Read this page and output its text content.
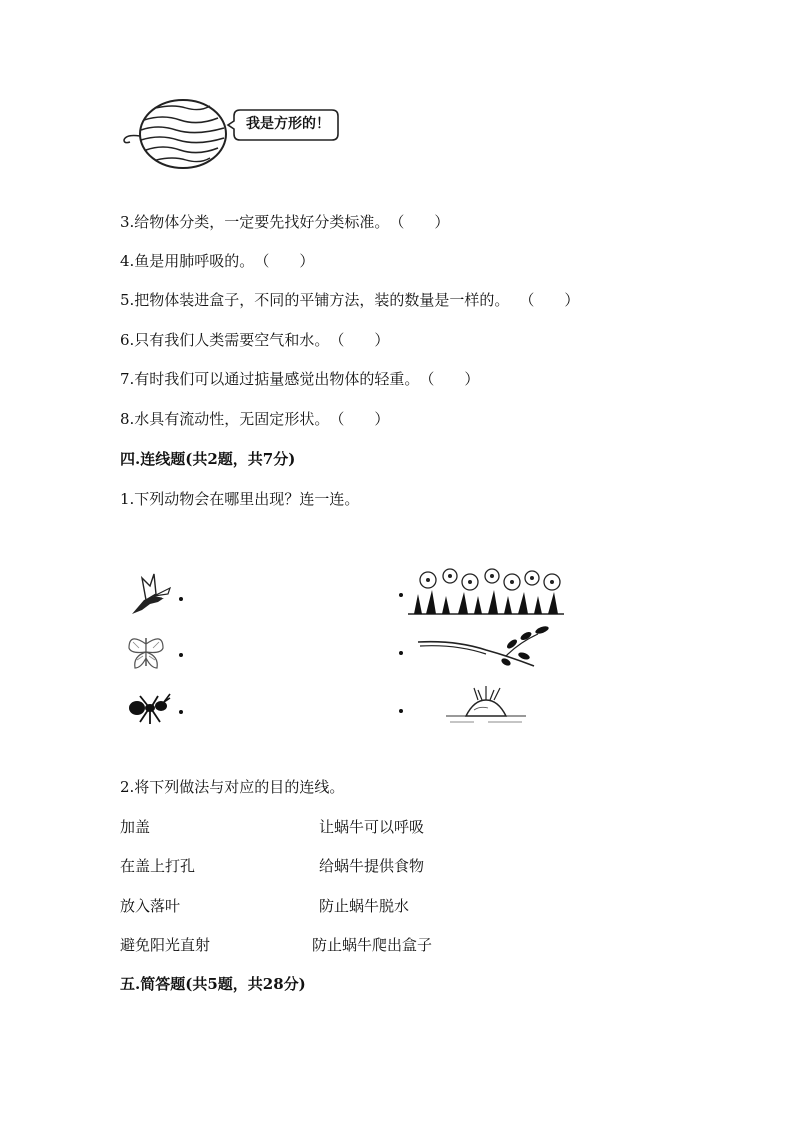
我是方形的！
3.给物体分类，一定要先找好分类标准。（　　）
4.鱼是用肺呼吸的。（　　）
5.把物体装进盒子，不同的平铺方法，装的数量是一样的。 （　　）
6.只有我们人类需要空气和水。（　　）
7.有时我们可以通过掂量感觉出物体的轻重。（　　）
8.水具有流动性，无固定形状。（　　）
四.连线题(共2题，共7分)
1.下列动物会在哪里出现？连一连。
2.将下列做法与对应的目的连线。
加盖
在盖上打孔
放入落叶
避免阳光直射
让蜗牛可以呼吸
给蜗牛提供食物
防止蜗牛脱水
防止蜗牛爬出盒子
五.简答题(共5题，共28分)
